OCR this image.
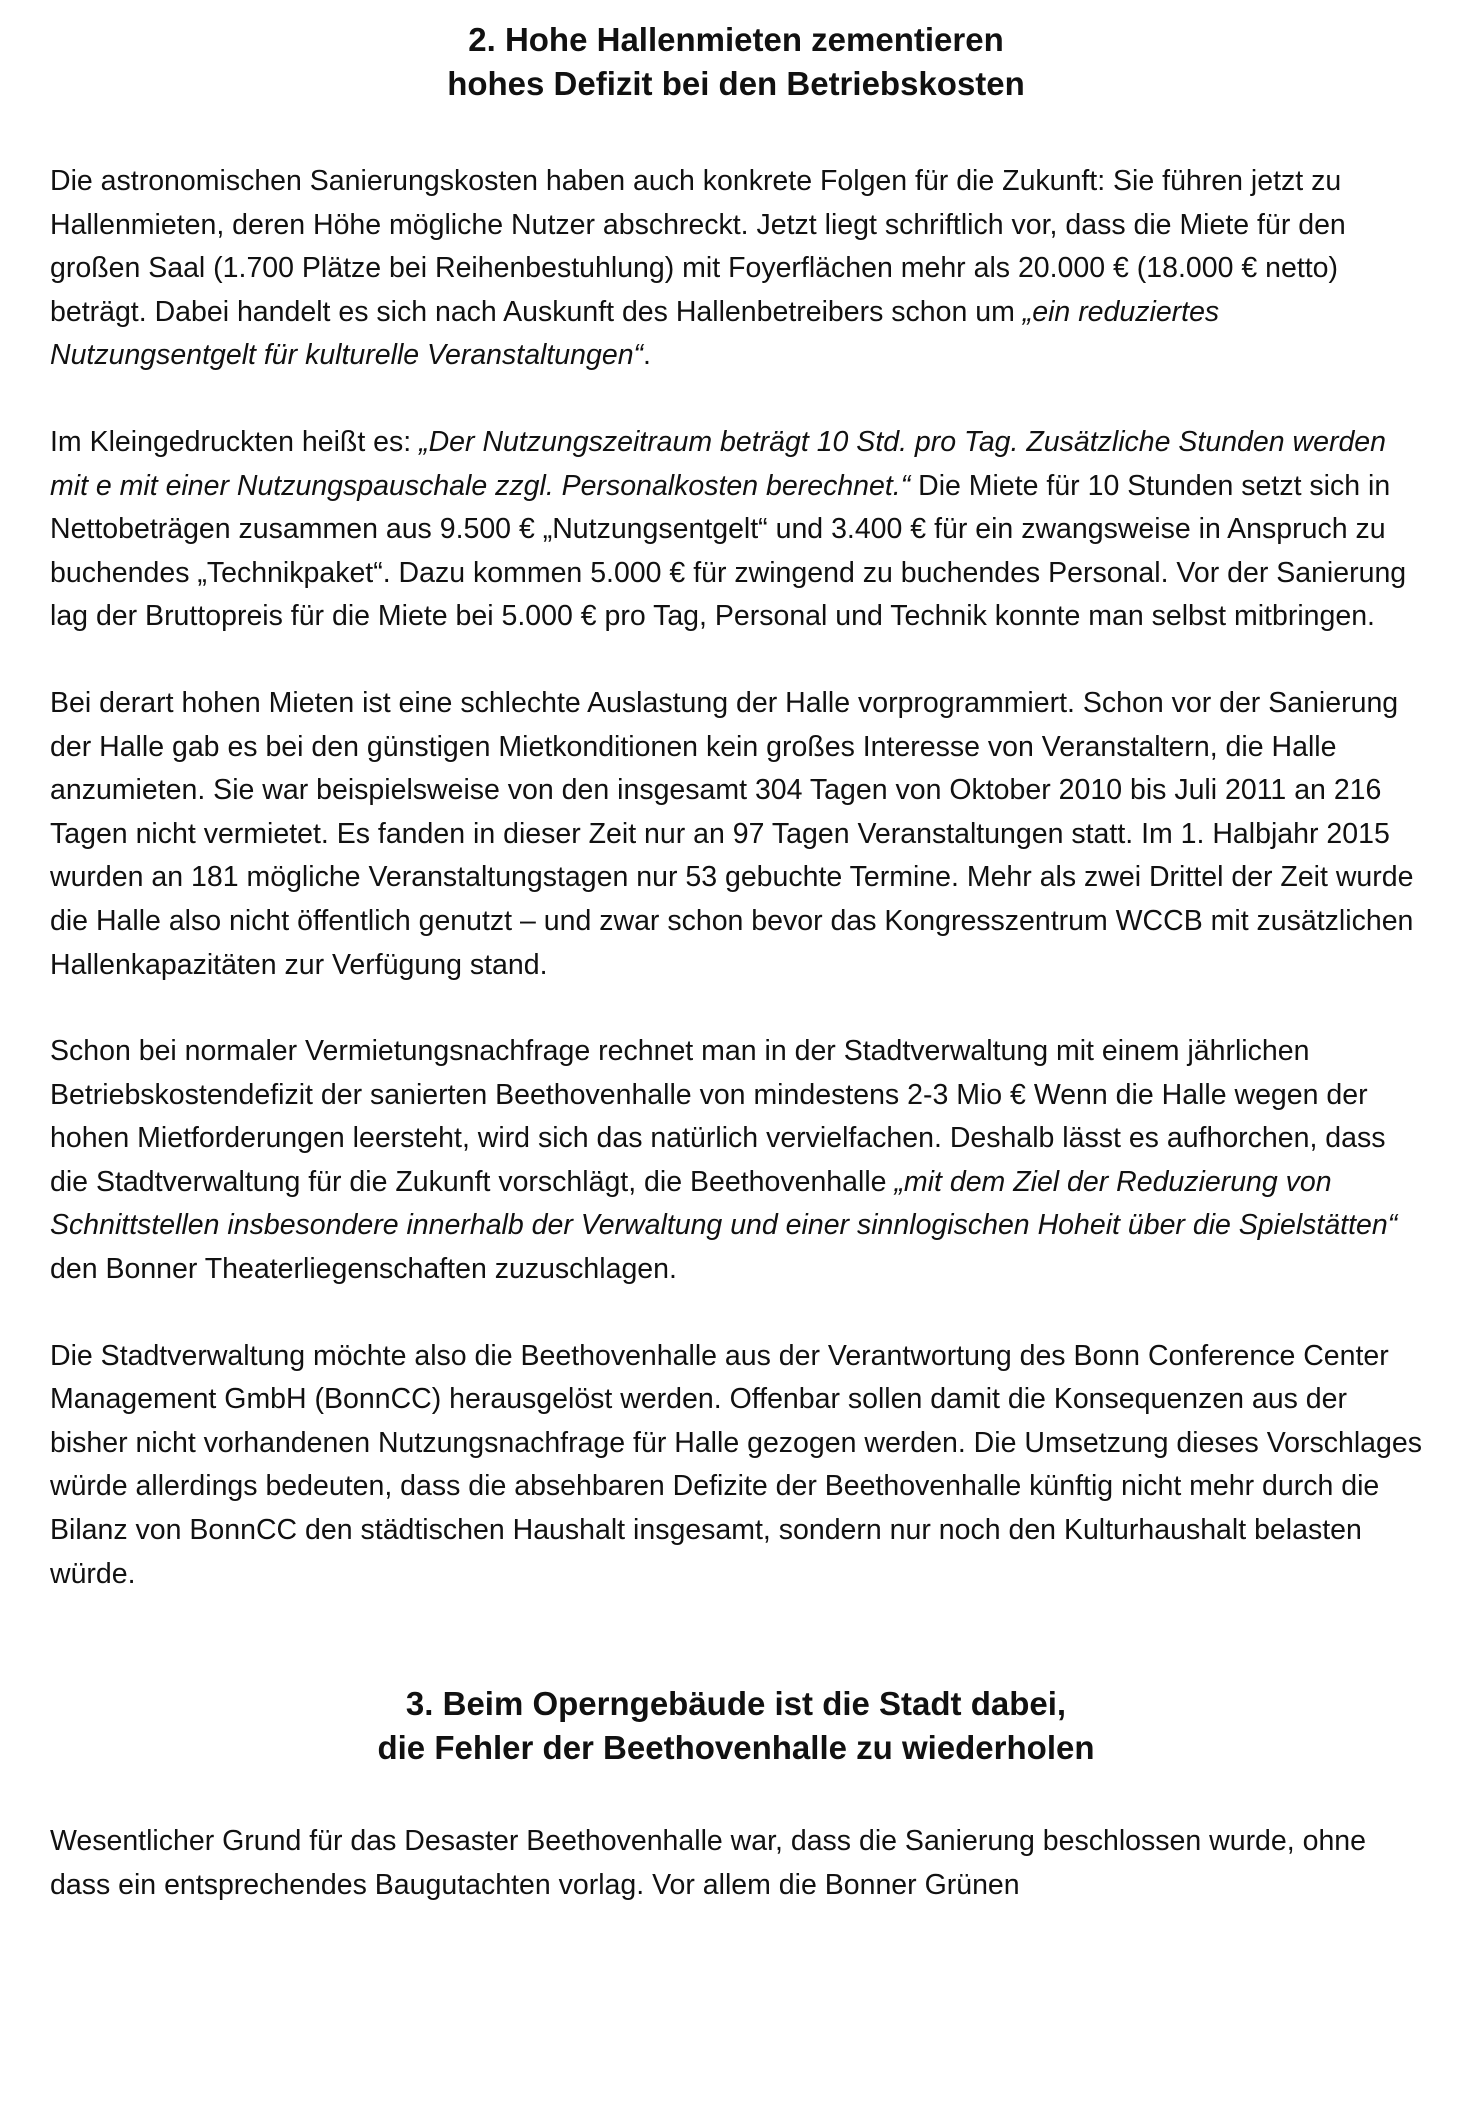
2. Hohe Hallenmieten zementieren
hohes Defizit bei den Betriebskosten

Die astronomischen Sanierungskosten haben auch konkrete Folgen für die Zukunft: Sie führen jetzt zu Hallenmieten, deren Höhe mögliche Nutzer abschreckt. Jetzt liegt schriftlich vor, dass die Miete für den großen Saal (1.700 Plätze bei Reihenbestuhlung) mit Foyerflächen mehr als 20.000 € (18.000 € netto) beträgt. Dabei handelt es sich nach Auskunft des Hallenbetreibers schon um „ein reduziertes Nutzungsentgelt für kulturelle Veranstaltungen“.

Im Kleingedruckten heißt es: „Der Nutzungszeitraum beträgt 10 Std. pro Tag. Zusätzliche Stunden werden mit e mit einer Nutzungspauschale zzgl. Personalkosten berechnet.“ Die Miete für 10 Stunden setzt sich in Nettobeträgen zusammen aus 9.500 € „Nutzungsentgelt“ und 3.400 € für ein zwangsweise in Anspruch zu buchendes „Technikpaket“. Dazu kommen 5.000 € für zwingend zu buchendes Personal. Vor der Sanierung lag der Bruttopreis für die Miete bei 5.000 € pro Tag, Personal und Technik konnte man selbst mitbringen.

Bei derart hohen Mieten ist eine schlechte Auslastung der Halle vorprogrammiert. Schon vor der Sanierung der Halle gab es bei den günstigen Mietkonditionen kein großes Interesse von Veranstaltern, die Halle anzumieten. Sie war beispielsweise von den insgesamt 304 Tagen von Oktober 2010 bis Juli 2011 an 216 Tagen nicht vermietet. Es fanden in dieser Zeit nur an 97 Tagen Veranstaltungen statt. Im 1. Halbjahr 2015 wurden an 181 mögliche Veranstaltungstagen nur 53 gebuchte Termine. Mehr als zwei Drittel der Zeit wurde die Halle also nicht öffentlich genutzt – und zwar schon bevor das Kongresszentrum WCCB mit zusätzlichen Hallenkapazitäten zur Verfügung stand.

Schon bei normaler Vermietungsnachfrage rechnet man in der Stadtverwaltung mit einem jährlichen Betriebskostendefizit der sanierten Beethovenhalle von mindestens 2-3 Mio € Wenn die Halle wegen der hohen Mietforderungen leersteht, wird sich das natürlich vervielfachen. Deshalb lässt es aufhorchen, dass die Stadtverwaltung für die Zukunft vorschlägt, die Beethovenhalle „mit dem Ziel der Reduzierung von Schnittstellen insbesondere innerhalb der Verwaltung und einer sinnlogischen Hoheit über die Spielstätten“ den Bonner Theaterliegenschaften zuzuschlagen.

Die Stadtverwaltung möchte also die Beethovenhalle aus der Verantwortung des Bonn Conference Center Management GmbH (BonnCC) herausgelöst werden. Offenbar sollen damit die Konsequenzen aus der bisher nicht vorhandenen Nutzungsnachfrage für Halle gezogen werden. Die Umsetzung dieses Vorschlages würde allerdings bedeuten, dass die absehbaren Defizite der Beethovenhalle künftig nicht mehr durch die Bilanz von BonnCC den städtischen Haushalt insgesamt, sondern nur noch den Kulturhaushalt belasten würde.

3. Beim Operngebäude ist die Stadt dabei,
die Fehler der Beethovenhalle zu wiederholen

Wesentlicher Grund für das Desaster Beethovenhalle war, dass die Sanierung beschlossen wurde, ohne dass ein entsprechendes Baugutachten vorlag. Vor allem die Bonner Grünen
